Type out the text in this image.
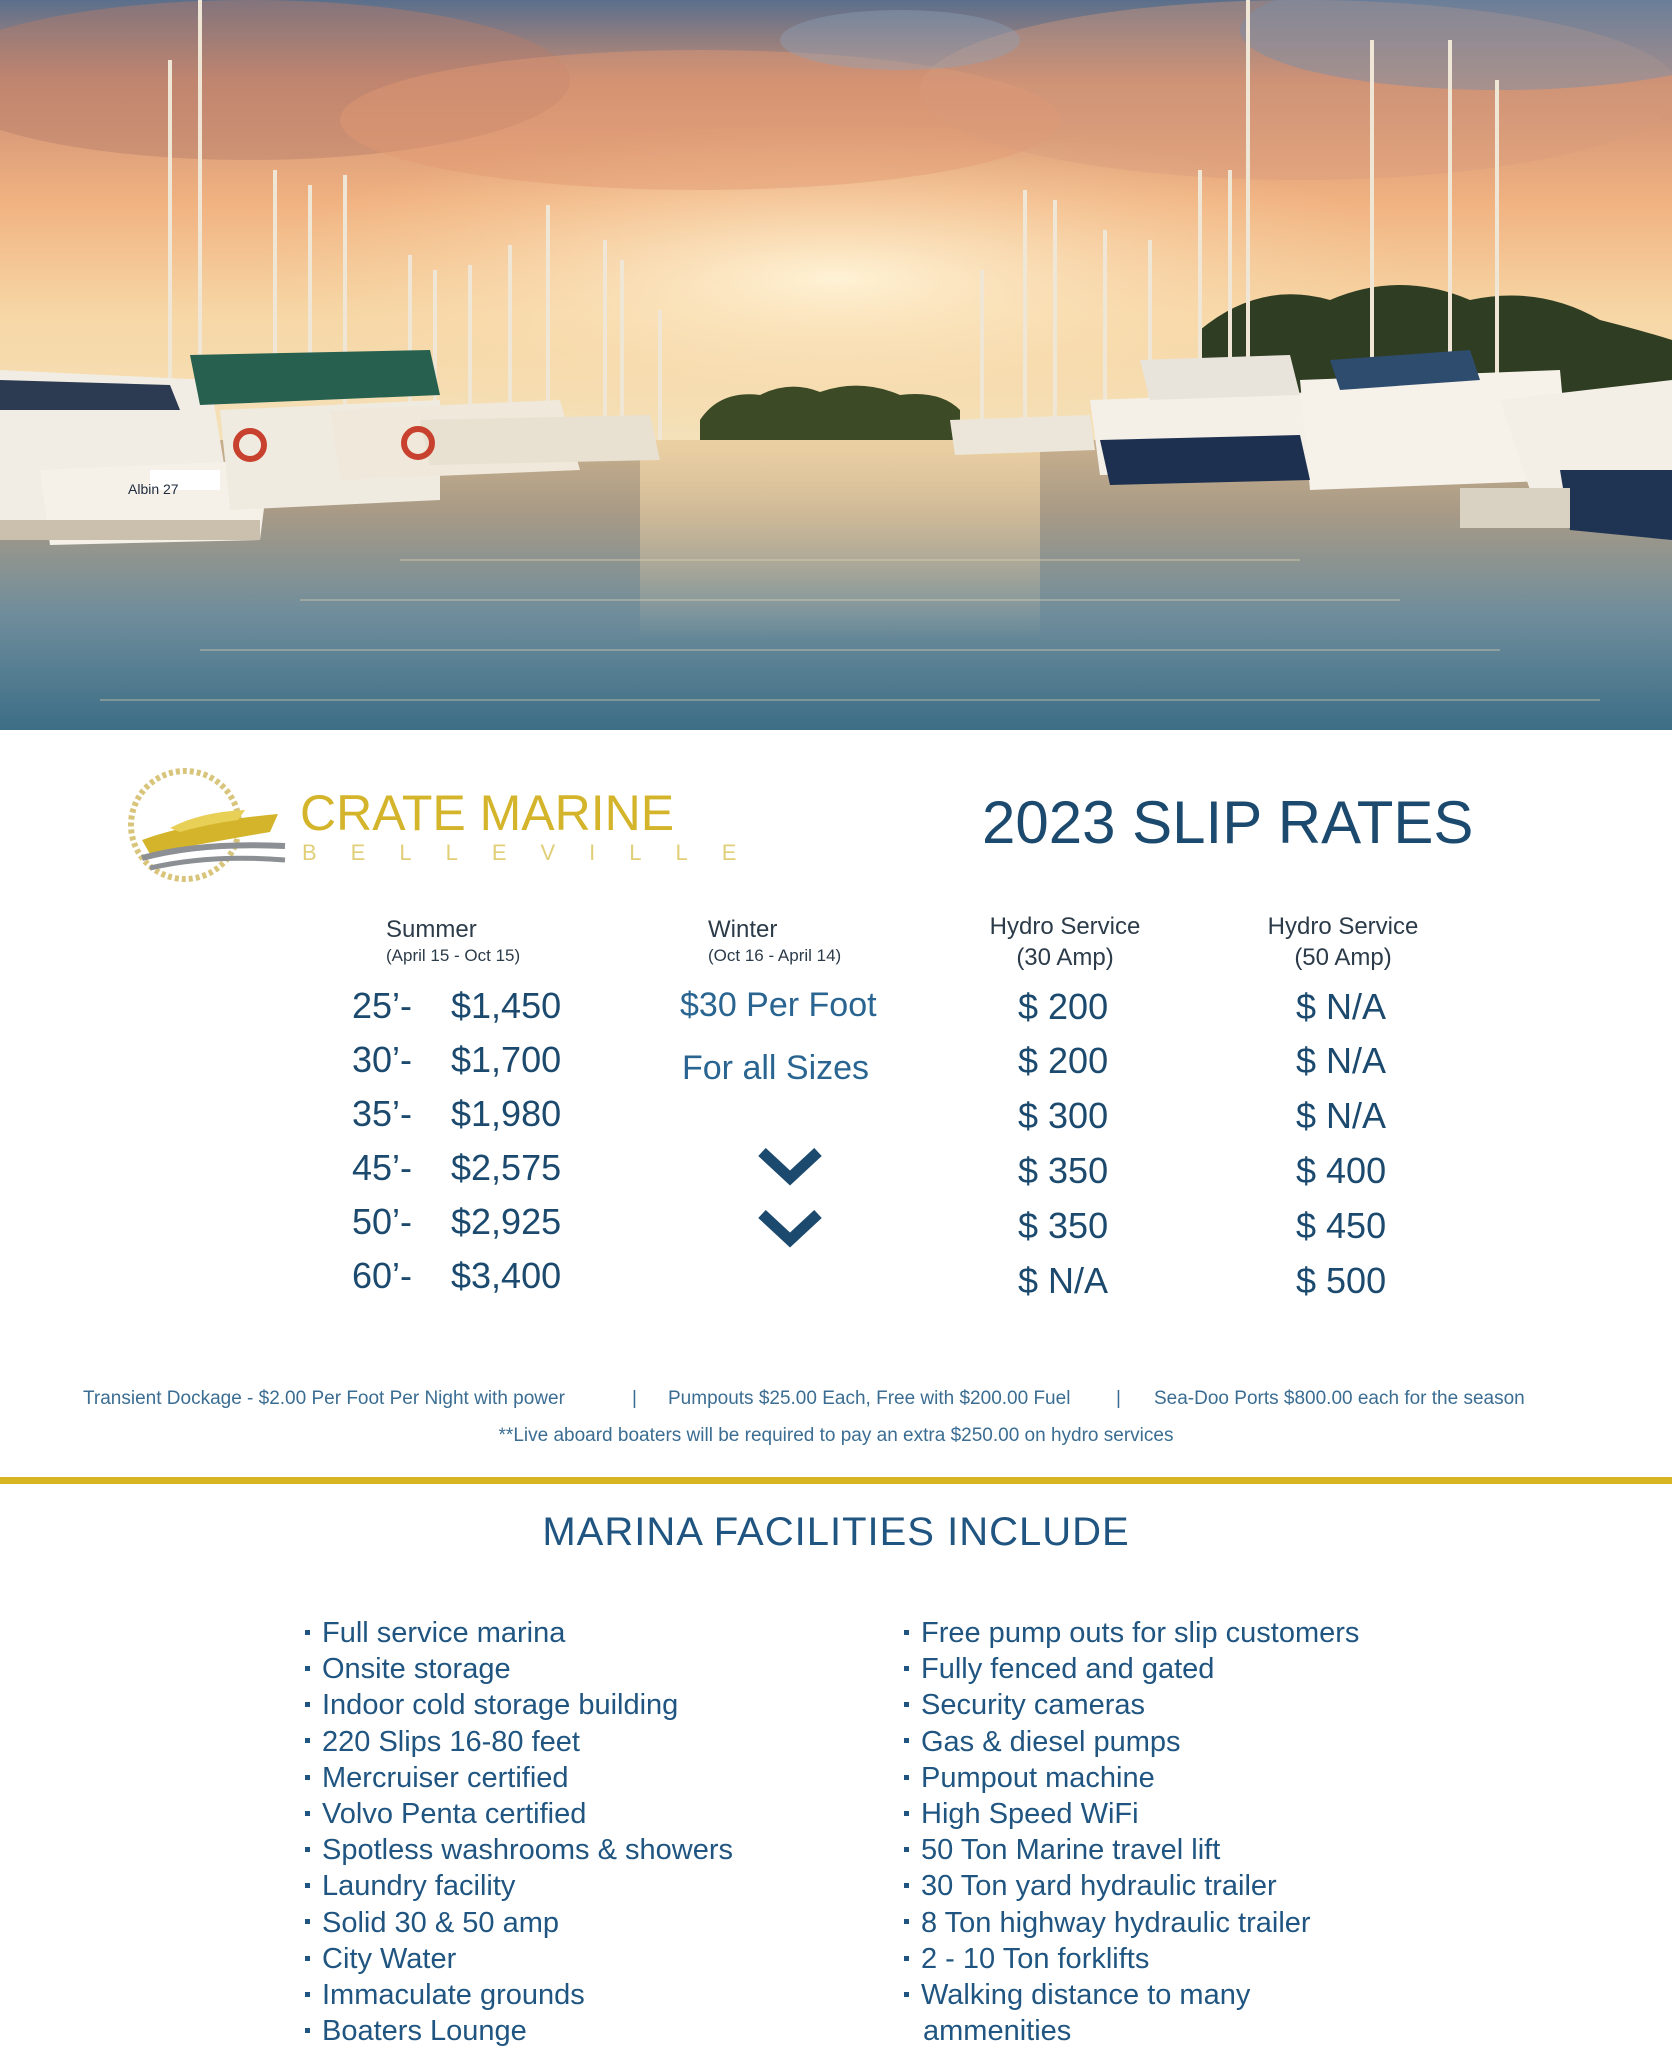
Albin 27
CRATE MARINE
BELLEVILLE	2023 SLIP RATES
Summer
(April 15 - Oct 15)
Winter
(Oct 16 - April 14)
Hydro Service
(30 Amp)
Hydro Service
(50 Amp)
25’- $1,450
30’- $1,700
35’- $1,980
45’- $2,575
50’- $2,925
60’- $3,400
$30 Per Foot
For all Sizes
$ 200
$ 200
$ 300
$ 350
$ 350
$ N/A
$ N/A
$ N/A
$ N/A
$ 400
$ 450
$ 500
Transient Dockage - $2.00 Per Foot Per Night with power	| Pumpouts $25.00 Each, Free with $200.00 Fuel | Sea-Doo Ports $800.00 each for the season
**Live aboard boaters will be required to pay an extra $250.00 on hydro services
MARINA FACILITIES INCLUDE
Full service marina
Onsite storage
Indoor cold storage building
220 Slips 16-80 feet
Mercruiser certified
Volvo Penta certified
Spotless washrooms & showers
Laundry facility
Solid 30 & 50 amp
City Water
Immaculate grounds
Boaters Lounge
Free pump outs for slip customers
Fully fenced and gated
Security cameras
Gas & diesel pumps
Pumpout machine
High Speed WiFi
50 Ton Marine travel lift
30 Ton yard hydraulic trailer
8 Ton highway hydraulic trailer
2 - 10 Ton forklifts
Walking distance to many
ammenities
